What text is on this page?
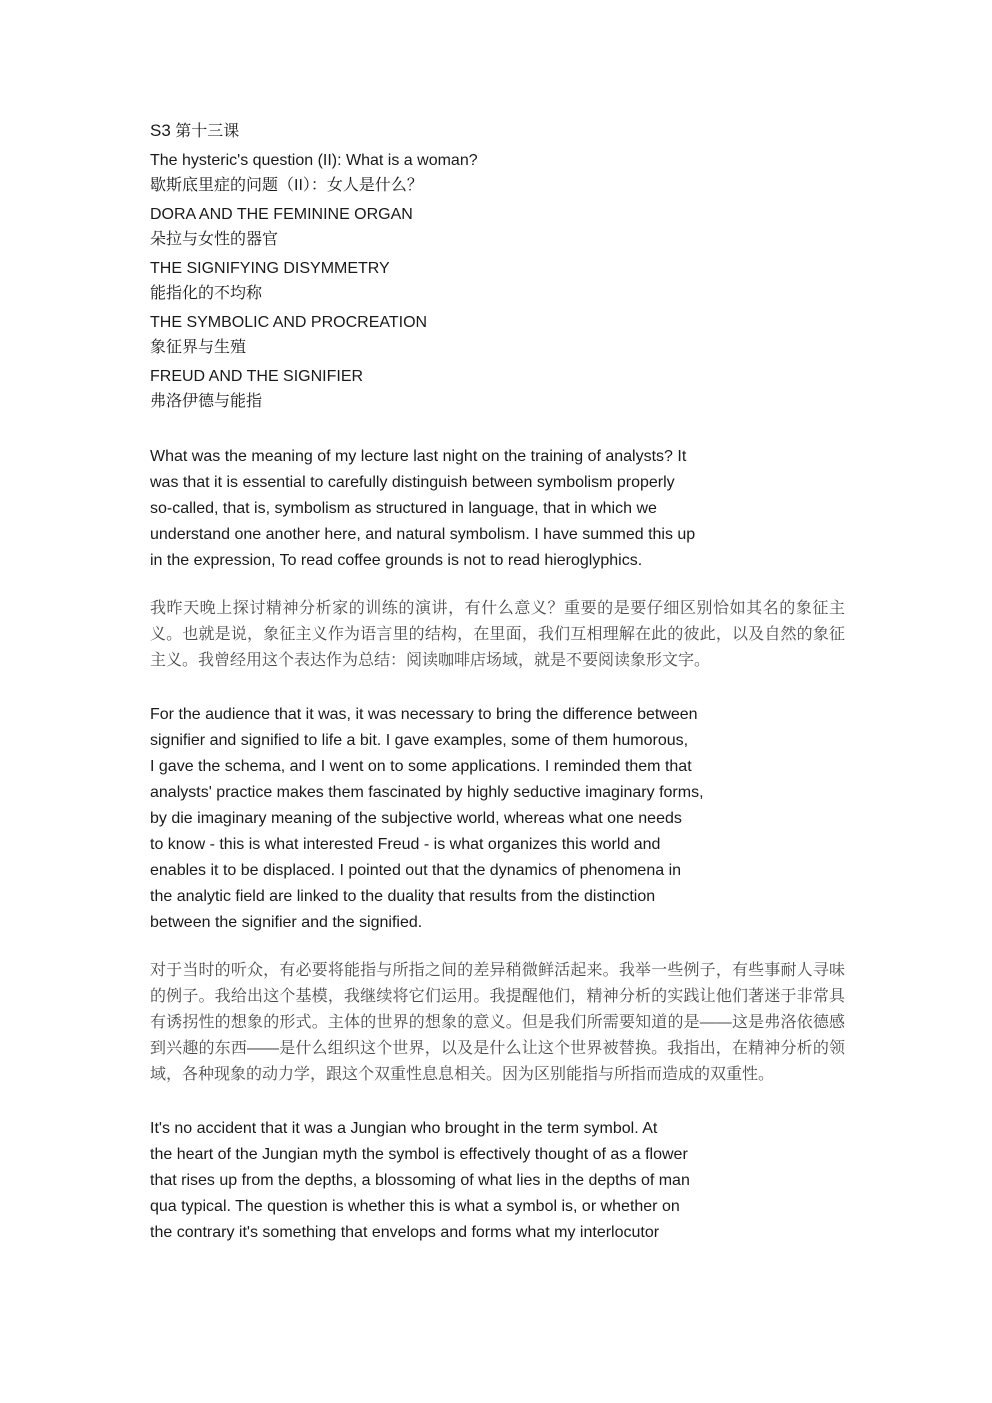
S3 第十三课
The hysteric's question (II): What is a woman?
歇斯底里症的问题（II）：女人是什么？
DORA AND THE FEMININE ORGAN
朵拉与女性的器官
THE SIGNIFYING DISYMMETRY
能指化的不均称
THE SYMBOLIC AND PROCREATION
象征界与生殖
FREUD AND THE SIGNIFIER
弗洛伊德与能指

What was the meaning of my lecture last night on the training of analysts? It
was that it is essential to carefully distinguish between symbolism properly
so-called, that is, symbolism as structured in language, that in which we
understand one another here, and natural symbolism. I have summed this up
in the expression, To read coffee grounds is not to read hieroglyphics.

我昨天晚上探讨精神分析家的训练的演讲，有什么意义？重要的是要仔细区别恰如其名的象征主义。也就是说，象征主义作为语言里的结构，在里面，我们互相理解在此的彼此，以及自然的象征主义。我曾经用这个表达作为总结：阅读咖啡店场域，就是不要阅读象形文字。

For the audience that it was, it was necessary to bring the difference between
signifier and signified to life a bit. I gave examples, some of them humorous,
I gave the schema, and I went on to some applications. I reminded them that
analysts' practice makes them fascinated by highly seductive imaginary forms,
by die imaginary meaning of the subjective world, whereas what one needs
to know - this is what interested Freud - is what organizes this world and
enables it to be displaced. I pointed out that the dynamics of phenomena in
the analytic field are linked to the duality that results from the distinction
between the signifier and the signified.

对于当时的听众，有必要将能指与所指之间的差异稍微鲜活起来。我举一些例子，有些事耐人寻味的例子。我给出这个基模，我继续将它们运用。我提醒他们，精神分析的实践让他们著迷于非常具有诱拐性的想象的形式。主体的世界的想象的意义。但是我们所需要知道的是——这是弗洛依德感到兴趣的东西——是什么组织这个世界，以及是什么让这个世界被替换。我指出，在精神分析的领域，各种现象的动力学，跟这个双重性息息相关。因为区别能指与所指而造成的双重性。

It's no accident that it was a Jungian who brought in the term symbol. At
the heart of the Jungian myth the symbol is effectively thought of as a flower
that rises up from the depths, a blossoming of what lies in the depths of man
qua typical. The question is whether this is what a symbol is, or whether on
the contrary it's something that envelops and forms what my interlocutor
